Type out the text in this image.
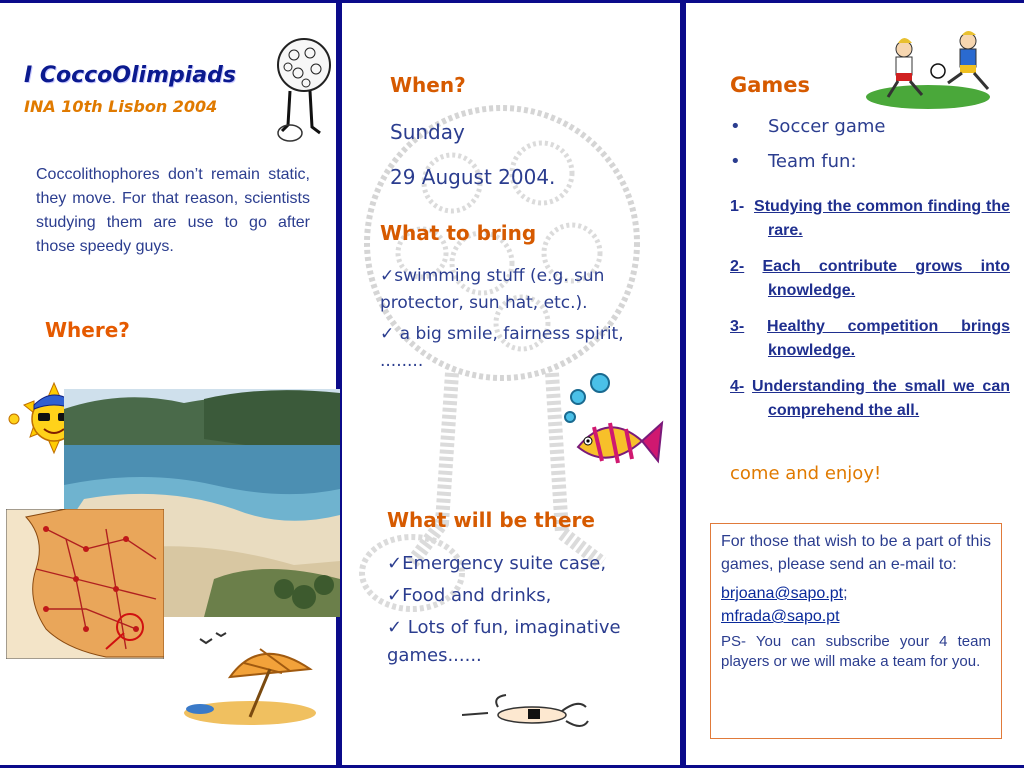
I CoccoOlimpiads
INA 10th Lisbon 2004
Coccolithophores don’t remain static, they move. For that reason, scientists studying them are use to go after those speedy guys.
Where?
When?
Sunday
29 August 2004.
What to bring

✓swimming stuff (e.g. sun protector, sun hat, etc.).

✓ a big smile, fairness spirit, ........

What will be there

✓Emergency suite case,

✓Food and drinks,

✓ Lots of fun, imaginative games......

Games
• Soccer game
• Team fun:
1- Studying the common finding the rare.
2- Each contribute grows into knowledge.
3- Healthy competition brings knowledge.
4- Understanding the small we can comprehend the all.
come and enjoy!

For those that wish to be a part of this games, please send an e-mail to:

brjoana@sapo.pt;
mfrada@sapo.pt

PS- You can subscribe your 4 team players or we will make a team for you.
